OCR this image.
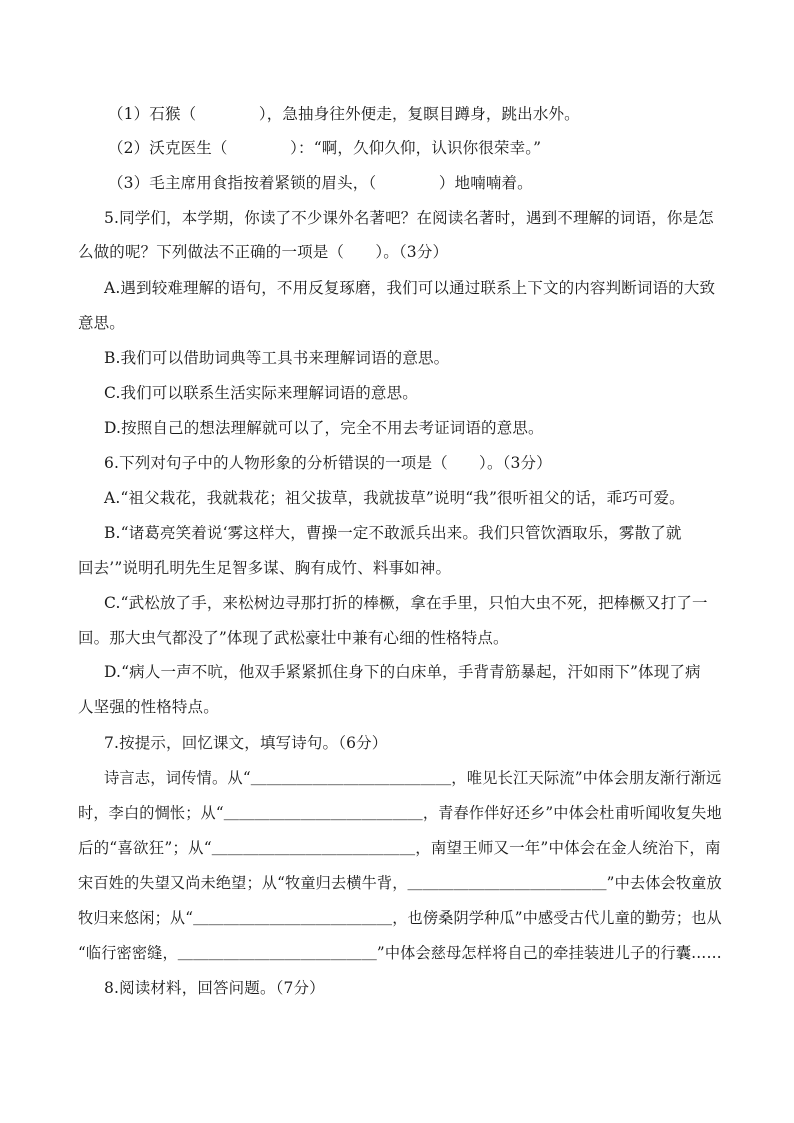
（1）石猴（　　　　），急抽身往外便走，复瞑目蹲身，跳出水外。
（2）沃克医生（　　　　）：“啊，久仰久仰，认识你很荣幸。”
（3）毛主席用食指按着紧锁的眉头，（　　　　）地喃喃着。
5.同学们，本学期，你读了不少课外名著吧？在阅读名著时，遇到不理解的词语，你是怎
么做的呢？下列做法不正确的一项是（　　）。（3分）
A.遇到较难理解的语句，不用反复琢磨，我们可以通过联系上下文的内容判断词语的大致
意思。
B.我们可以借助词典等工具书来理解词语的意思。
C.我们可以联系生活实际来理解词语的意思。
D.按照自己的想法理解就可以了，完全不用去考证词语的意思。
6.下列对句子中的人物形象的分析错误的一项是（　　）。（3分）
A.“祖父栽花，我就栽花；祖父拔草，我就拔草”说明“我”很听祖父的话，乖巧可爱。
B.“诸葛亮笑着说‘雾这样大，曹操一定不敢派兵出来。我们只管饮酒取乐，雾散了就
回去’”说明孔明先生足智多谋、胸有成竹、料事如神。
C.“武松放了手，来松树边寻那打折的棒橛，拿在手里，只怕大虫不死，把棒橛又打了一
回。那大虫气都没了”体现了武松豪壮中兼有心细的性格特点。
D.“病人一声不吭，他双手紧紧抓住身下的白床单，手背青筋暴起，汗如雨下”体现了病
人坚强的性格特点。
7.按提示，回忆课文，填写诗句。（6分）
诗言志，词传情。从“＿＿＿＿＿＿＿＿＿＿＿＿＿，唯见长江天际流”中体会朋友渐行渐远
时，李白的惆怅；从“＿＿＿＿＿＿＿＿＿＿＿＿＿，青春作伴好还乡”中体会杜甫听闻收复失地
后的“喜欲狂”；从“＿＿＿＿＿＿＿＿＿＿＿＿＿，南望王师又一年”中体会在金人统治下，南
宋百姓的失望又尚未绝望；从“牧童归去横牛背，＿＿＿＿＿＿＿＿＿＿＿＿＿”中去体会牧童放
牧归来悠闲；从“＿＿＿＿＿＿＿＿＿＿＿＿＿，也傍桑阴学种瓜”中感受古代儿童的勤劳；也从
“临行密密缝，＿＿＿＿＿＿＿＿＿＿＿＿＿”中体会慈母怎样将自己的牵挂装进儿子的行囊……
8.阅读材料，回答问题。（7分）
